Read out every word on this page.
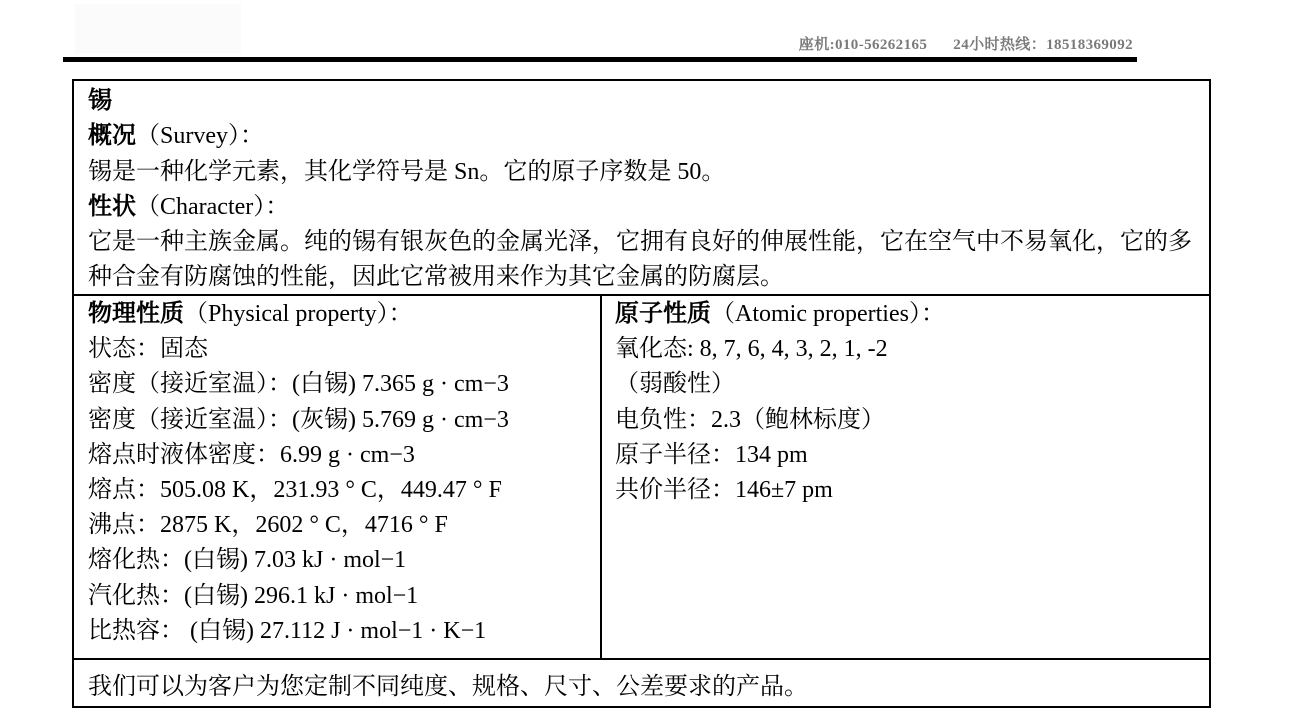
座机:010-56262165 24小时热线：18518369092
锡
概况（Survey）：
锡是一种化学元素，其化学符号是 Sn。它的原子序数是 50。
性状（Character）：
它是一种主族金属。纯的锡有银灰色的金属光泽，它拥有良好的伸展性能，它在空气中不易氧化，它的多种合金有防腐蚀的性能，因此它常被用来作为其它金属的防腐层。
物理性质（Physical property）：
状态：固态
密度（接近室温）：(白锡) 7.365 g · cm−3
密度（接近室温）：(灰锡) 5.769 g · cm−3
熔点时液体密度：6.99 g · cm−3
熔点：505.08 K，231.93 ° C，449.47 ° F
沸点：2875 K，2602 ° C，4716 ° F
熔化热：(白锡) 7.03 kJ · mol−1
汽化热：(白锡) 296.1 kJ · mol−1
比热容： (白锡) 27.112 J · mol−1 · K−1
原子性质（Atomic properties）：
氧化态: 8, 7, 6, 4, 3, 2, 1, -2
（弱酸性）
电负性：2.3（鲍林标度）
原子半径：134 pm
共价半径：146±7 pm
我们可以为客户为您定制不同纯度、规格、尺寸、公差要求的产品。
